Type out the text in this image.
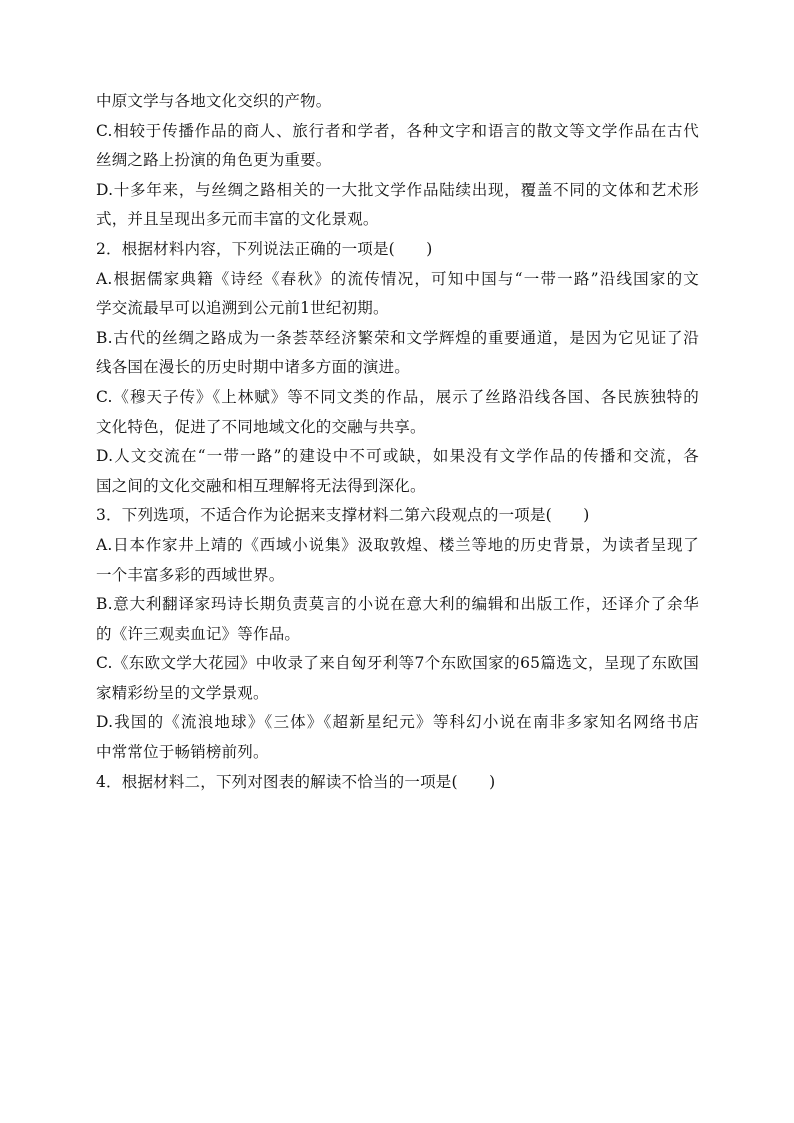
中原文学与各地文化交织的产物。
C.相较于传播作品的商人、旅行者和学者，各种文字和语言的散文等文学作品在古代
丝绸之路上扮演的角色更为重要。
D.十多年来，与丝绸之路相关的一大批文学作品陆续出现，覆盖不同的文体和艺术形
式，并且呈现出多元而丰富的文化景观。
2．根据材料内容，下列说法正确的一项是(　　)
A.根据儒家典籍《诗经《春秋》的流传情况，可知中国与“一带一路”沿线国家的文
学交流最早可以追溯到公元前1世纪初期。
B.古代的丝绸之路成为一条荟萃经济繁荣和文学辉煌的重要通道，是因为它见证了沿
线各国在漫长的历史时期中诸多方面的演进。
C.《穆天子传》《上林赋》等不同文类的作品，展示了丝路沿线各国、各民族独特的
文化特色，促进了不同地域文化的交融与共享。
D.人文交流在“一带一路”的建设中不可或缺，如果没有文学作品的传播和交流，各
国之间的文化交融和相互理解将无法得到深化。
3．下列选项，不适合作为论据来支撑材料二第六段观点的一项是(　　)
A.日本作家井上靖的《西域小说集》汲取敦煌、楼兰等地的历史背景，为读者呈现了
一个丰富多彩的西域世界。
B.意大利翻译家玛诗长期负责莫言的小说在意大利的编辑和出版工作，还译介了余华
的《许三观卖血记》等作品。
C.《东欧文学大花园》中收录了来自匈牙利等7个东欧国家的65篇选文，呈现了东欧国
家精彩纷呈的文学景观。
D.我国的《流浪地球》《三体》《超新星纪元》等科幻小说在南非多家知名网络书店
中常常位于畅销榜前列。
4．根据材料二，下列对图表的解读不恰当的一项是(　　)
